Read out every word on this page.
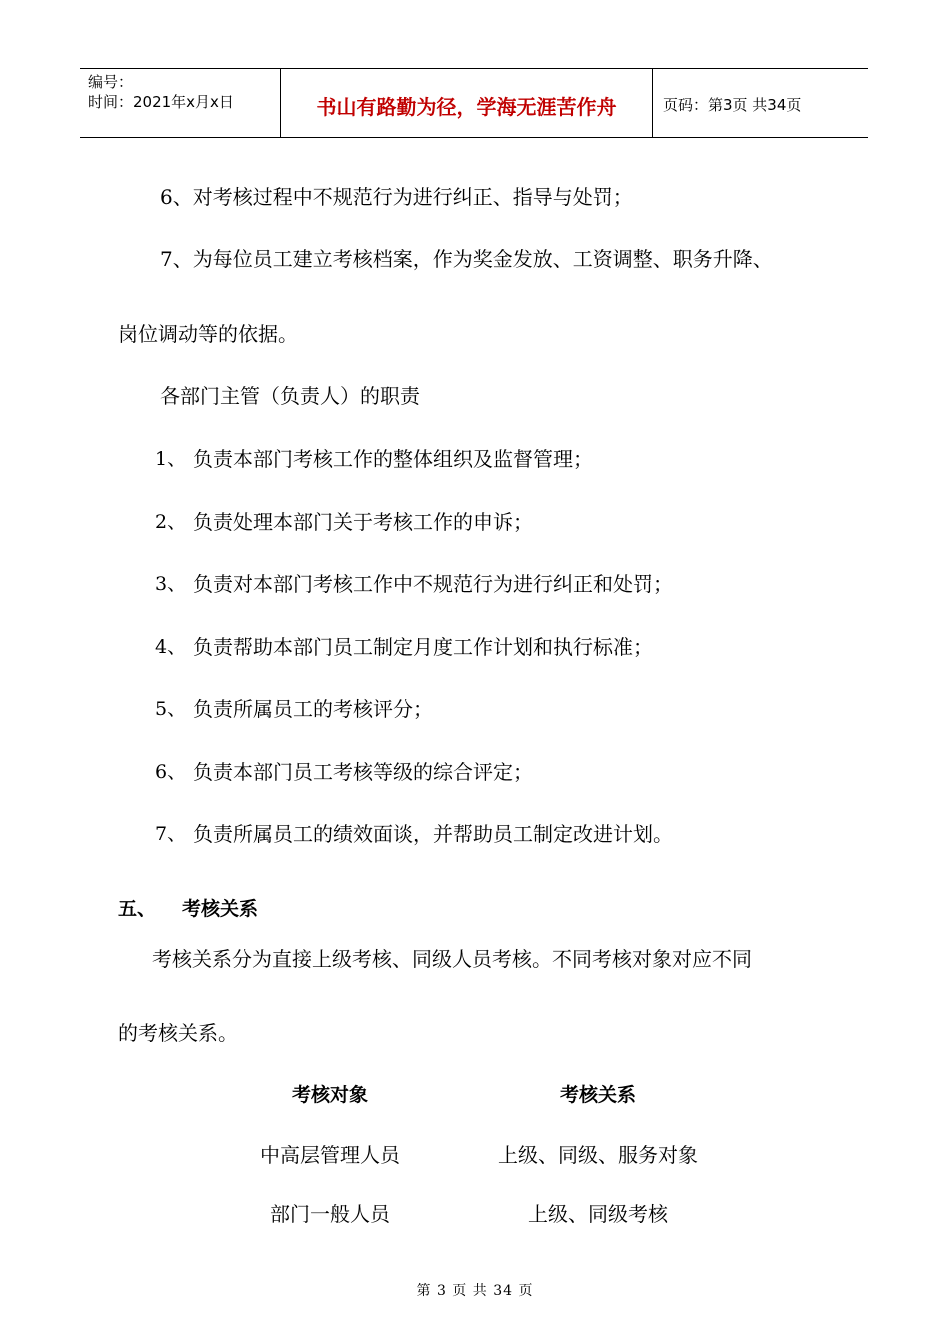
编号：
时间：2021年x月x日	书山有路勤为径，学海无涯苦作舟	页码：第3页 共34页
6、对考核过程中不规范行为进行纠正、指导与处罚；
7、为每位员工建立考核档案，作为奖金发放、工资调整、职务升降、
岗位调动等的依据。
各部门主管（负责人）的职责
1、 负责本部门考核工作的整体组织及监督管理；
2、 负责处理本部门关于考核工作的申诉；
3、 负责对本部门考核工作中不规范行为进行纠正和处罚；
4、 负责帮助本部门员工制定月度工作计划和执行标准；
5、 负责所属员工的考核评分；
6、 负责本部门员工考核等级的综合评定；
7、 负责所属员工的绩效面谈，并帮助员工制定改进计划。
五、 考核关系
考核关系分为直接上级考核、同级人员考核。不同考核对象对应不同
的考核关系。
考核对象	考核关系
中高层管理人员	上级、同级、服务对象
部门一般人员	上级、同级考核
第 3 页 共 34 页
